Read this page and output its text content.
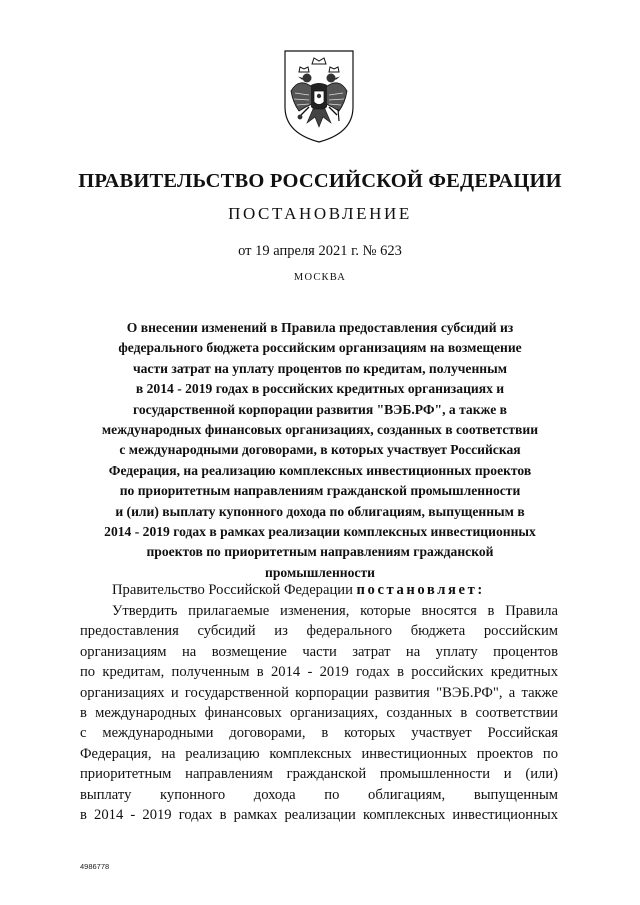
ПРАВИТЕЛЬСТВО РОССИЙСКОЙ ФЕДЕРАЦИИ
ПОСТАНОВЛЕНИЕ
от 19 апреля 2021 г. № 623
МОСКВА
О внесении изменений в Правила предоставления субсидий из
федерального бюджета российским организациям на возмещение
части затрат на уплату процентов по кредитам, полученным
в 2014 - 2019 годах в российских кредитных организациях и
государственной корпорации развития "ВЭБ.РФ", а также в
международных финансовых организациях, созданных в соответствии
с международными договорами, в которых участвует Российская
Федерация, на реализацию комплексных инвестиционных проектов
по приоритетным направлениям гражданской промышленности
и (или) выплату купонного дохода по облигациям, выпущенным в
2014 - 2019 годах в рамках реализации комплексных инвестиционных
проектов по приоритетным направлениям гражданской
промышленности
Правительство Российской Федерации постановляет:
Утвердить прилагаемые изменения, которые вносятся в Правила
предоставления субсидий из федерального бюджета российским
организациям на возмещение части затрат на уплату процентов
по кредитам, полученным в 2014 - 2019 годах в российских кредитных
организациях и государственной корпорации развития "ВЭБ.РФ", а также
в международных финансовых организациях, созданных в соответствии
с международными договорами, в которых участвует Российская
Федерация, на реализацию комплексных инвестиционных проектов по
приоритетным направлениям гражданской промышленности и (или)
выплату купонного дохода по облигациям, выпущенным
в 2014 - 2019 годах в рамках реализации комплексных инвестиционных
4986778
